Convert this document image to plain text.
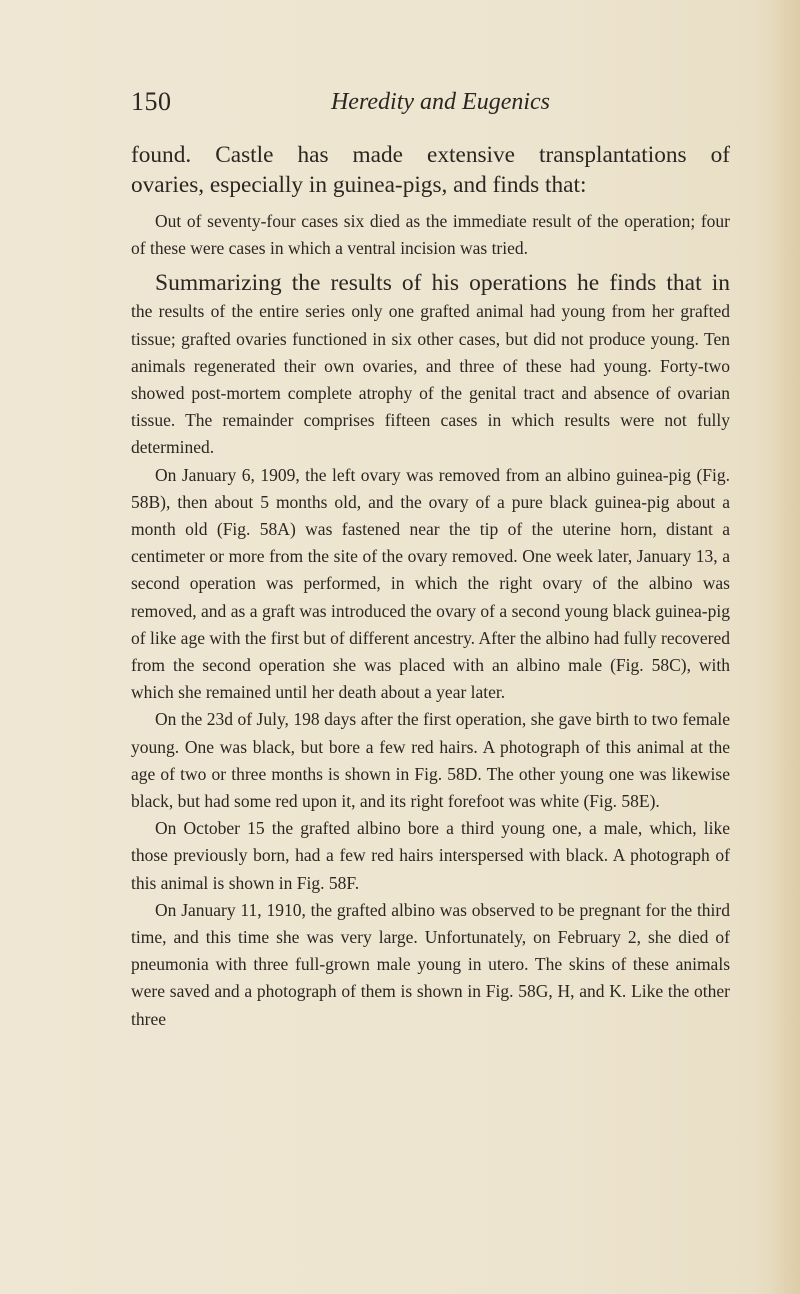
150	Heredity and Eugenics

found. Castle has made extensive transplantations of

ovaries, especially in guinea-pigs, and finds that:

Out of seventy-four cases six died as the immediate result of the operation; four of these were cases in which a ventral incision was tried.

Summarizing the results of his operations he finds that in

the results of the entire series only one grafted animal had young from her grafted tissue; grafted ovaries functioned in six other cases, but did not produce young. Ten animals regenerated their own ovaries, and three of these had young. Forty-two showed post-mortem complete atrophy of the genital tract and absence of ovarian tissue. The remainder comprises fifteen cases in which results were not fully determined.

On January 6, 1909, the left ovary was removed from an albino guinea-pig (Fig. 58B), then about 5 months old, and the ovary of a pure black guinea-pig about a month old (Fig. 58A) was fastened near the tip of the uterine horn, distant a centimeter or more from the site of the ovary removed. One week later, January 13, a second operation was performed, in which the right ovary of the albino was removed, and as a graft was introduced the ovary of a second young black guinea-pig of like age with the first but of different ancestry. After the albino had fully recovered from the second operation she was placed with an albino male (Fig. 58C), with which she remained until her death about a year later.

On the 23d of July, 198 days after the first operation, she gave birth to two female young. One was black, but bore a few red hairs. A photograph of this animal at the age of two or three months is shown in Fig. 58D. The other young one was likewise black, but had some red upon it, and its right forefoot was white (Fig. 58E).

On October 15 the grafted albino bore a third young one, a male, which, like those previously born, had a few red hairs interspersed with black. A photograph of this animal is shown in Fig. 58F.

On January 11, 1910, the grafted albino was observed to be pregnant for the third time, and this time she was very large. Unfortunately, on February 2, she died of pneumonia with three full-grown male young in utero. The skins of these animals were saved and a photograph of them is shown in Fig. 58G, H, and K. Like the other three
